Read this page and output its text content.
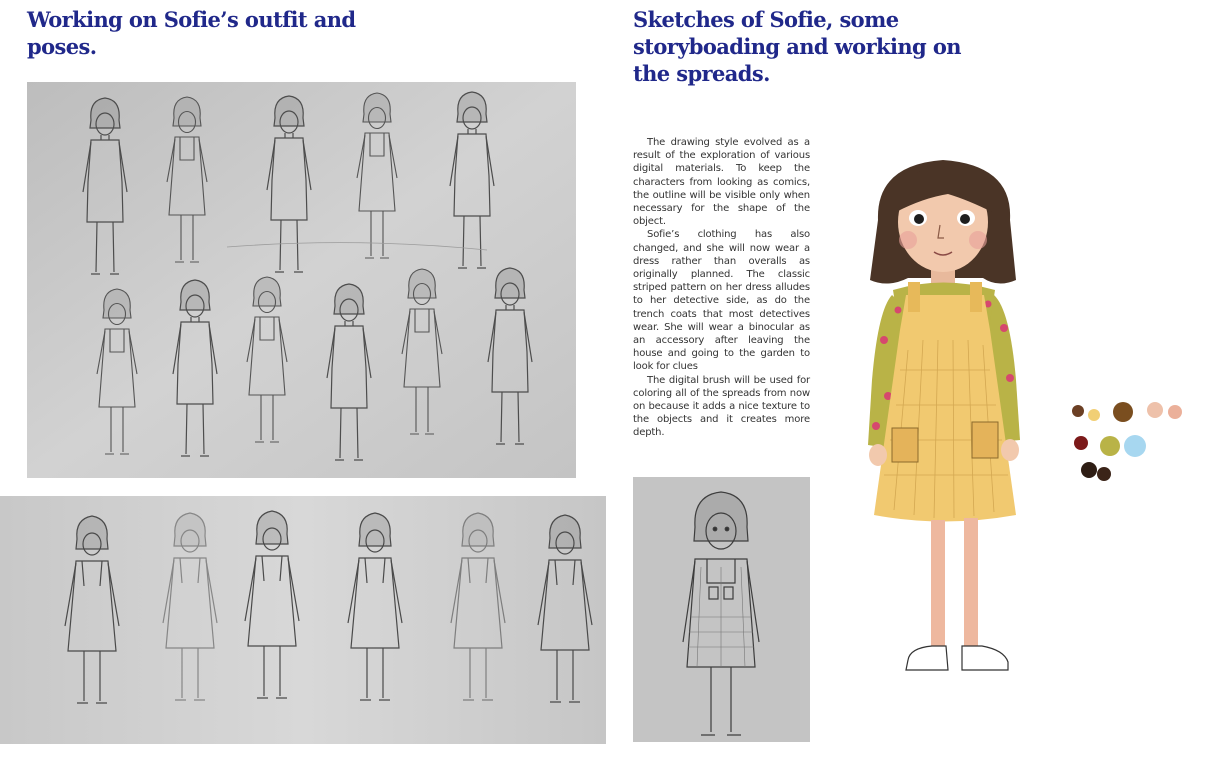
Working on Sofie’s outfit and poses.
Sketches of Sofie, some storyboading and working on the spreads.

The drawing style evolved as a result of the exploration of various digital materials. To keep the characters from looking as comics, the outline will be visible only when necessary for the shape of the object.

Sofie’s clothing has also changed, and she will now wear a dress rather than overalls as originally planned. The classic striped pattern on her dress alludes to her detective side, as do the trench coats that most detectives wear. She will wear a binocular as an accessory after leaving the house and going to the garden to look for clues

The digital brush will be used for coloring all of the spreads from now on because it adds a nice texture to the objects and it creates more depth.
